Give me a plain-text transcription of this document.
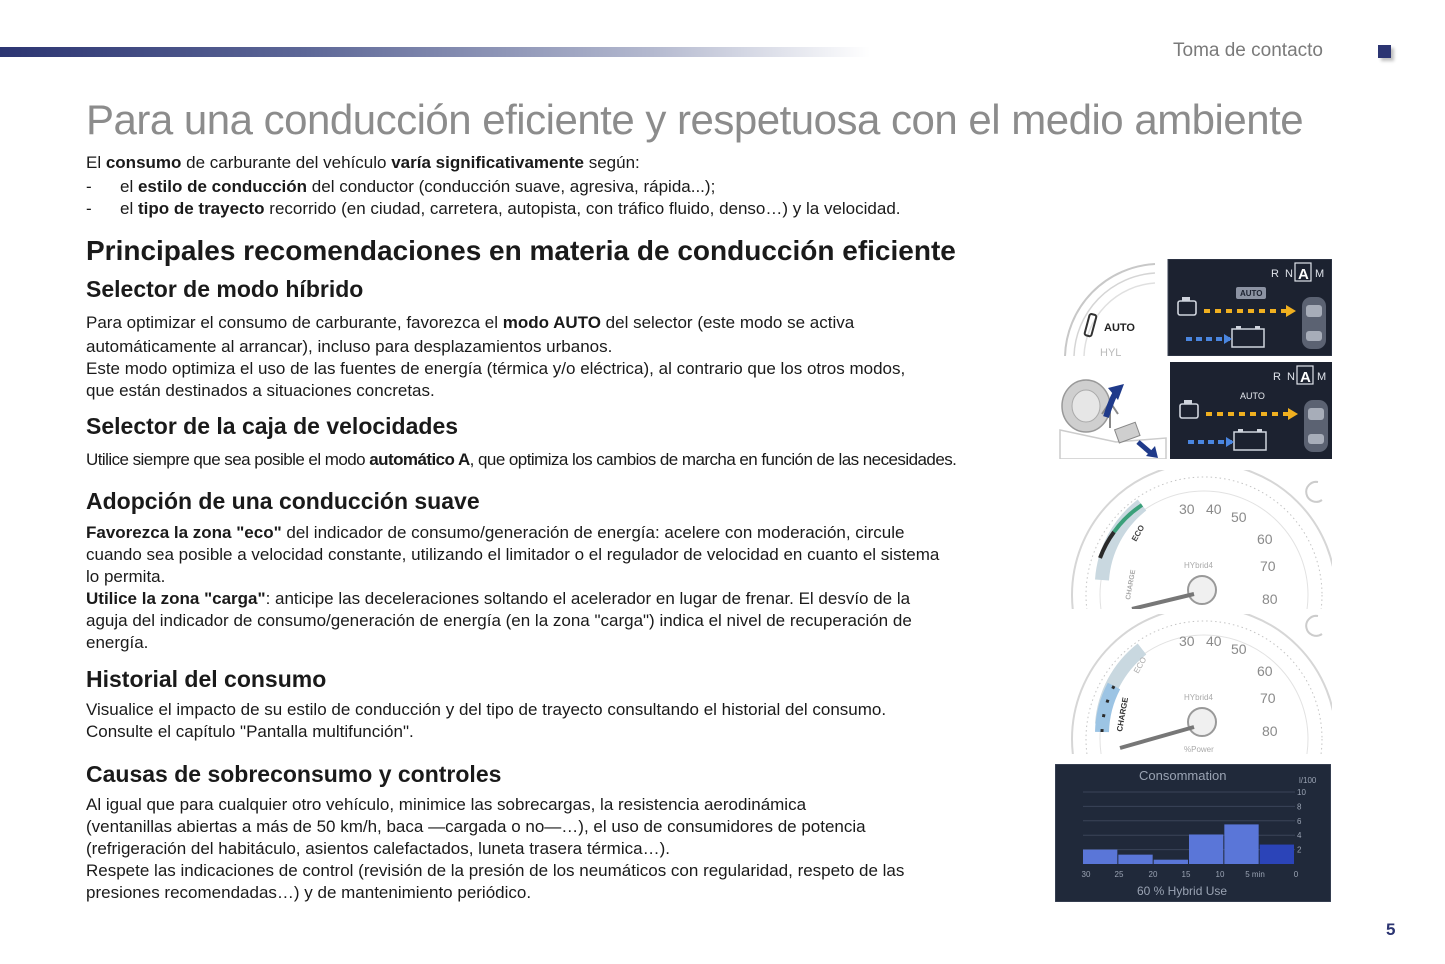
Toma de contacto
Para una conducción eficiente y respetuosa con el medio ambiente
El consumo de carburante del vehículo varía significativamente según:
- el estilo de conducción del conductor (conducción suave, agresiva, rápida...);
- el tipo de trayecto recorrido (en ciudad, carretera, autopista, con tráfico fluido, denso…) y la velocidad.
Principales recomendaciones en materia de conducción eficiente
Selector de modo híbrido
Para optimizar el consumo de carburante, favorezca el modo AUTO del selector (este modo se activa
automáticamente al arrancar), incluso para desplazamientos urbanos.
Este modo optimiza el uso de las fuentes de energía (térmica y/o eléctrica), al contrario que los otros modos,
que están destinados a situaciones concretas.
Selector de la caja de velocidades
Utilice siempre que sea posible el modo automático A, que optimiza los cambios de marcha en función de las necesidades.
Adopción de una conducción suave
Favorezca la zona "eco" del indicador de consumo/generación de energía: acelere con moderación, circule
cuando sea posible a velocidad constante, utilizando el limitador o el regulador de velocidad en cuanto el sistema
lo permita.
Utilice la zona "carga": anticipe las deceleraciones soltando el acelerador en lugar de frenar. El desvío de la
aguja del indicador de consumo/generación de energía (en la zona "carga") indica el nivel de recuperación de
energía.
Historial del consumo
Visualice el impacto de su estilo de conducción y del tipo de trayecto consultando el historial del consumo.
Consulte el capítulo "Pantalla multifunción".
Causas de sobreconsumo y controles
Al igual que para cualquier otro vehículo, minimice las sobrecargas, la resistencia aerodinámica
(ventanillas abiertas a más de 50 km/h, baca —cargada o no—…), el uso de consumidores de potencia
(refrigeración del habitáculo, asientos calefactados, luneta trasera térmica…).
Respete las indicaciones de control (revisión de la presión de los neumáticos con regularidad, respeto de las
presiones recomendadas…) y de mantenimiento periódico.
AUTO
HYL
R N A M
AUTO
R N A M
AUTO
30 40 50
60
70
80
ECO
CHARGE
HYbrid4
30 40 50
60
70
80
ECO
CHARGE	HYbrid4
%Power
Consommation	l/100
10
8
6
4
2
30	25	20	15	10	5 min	0
60 % Hybrid Use
5
